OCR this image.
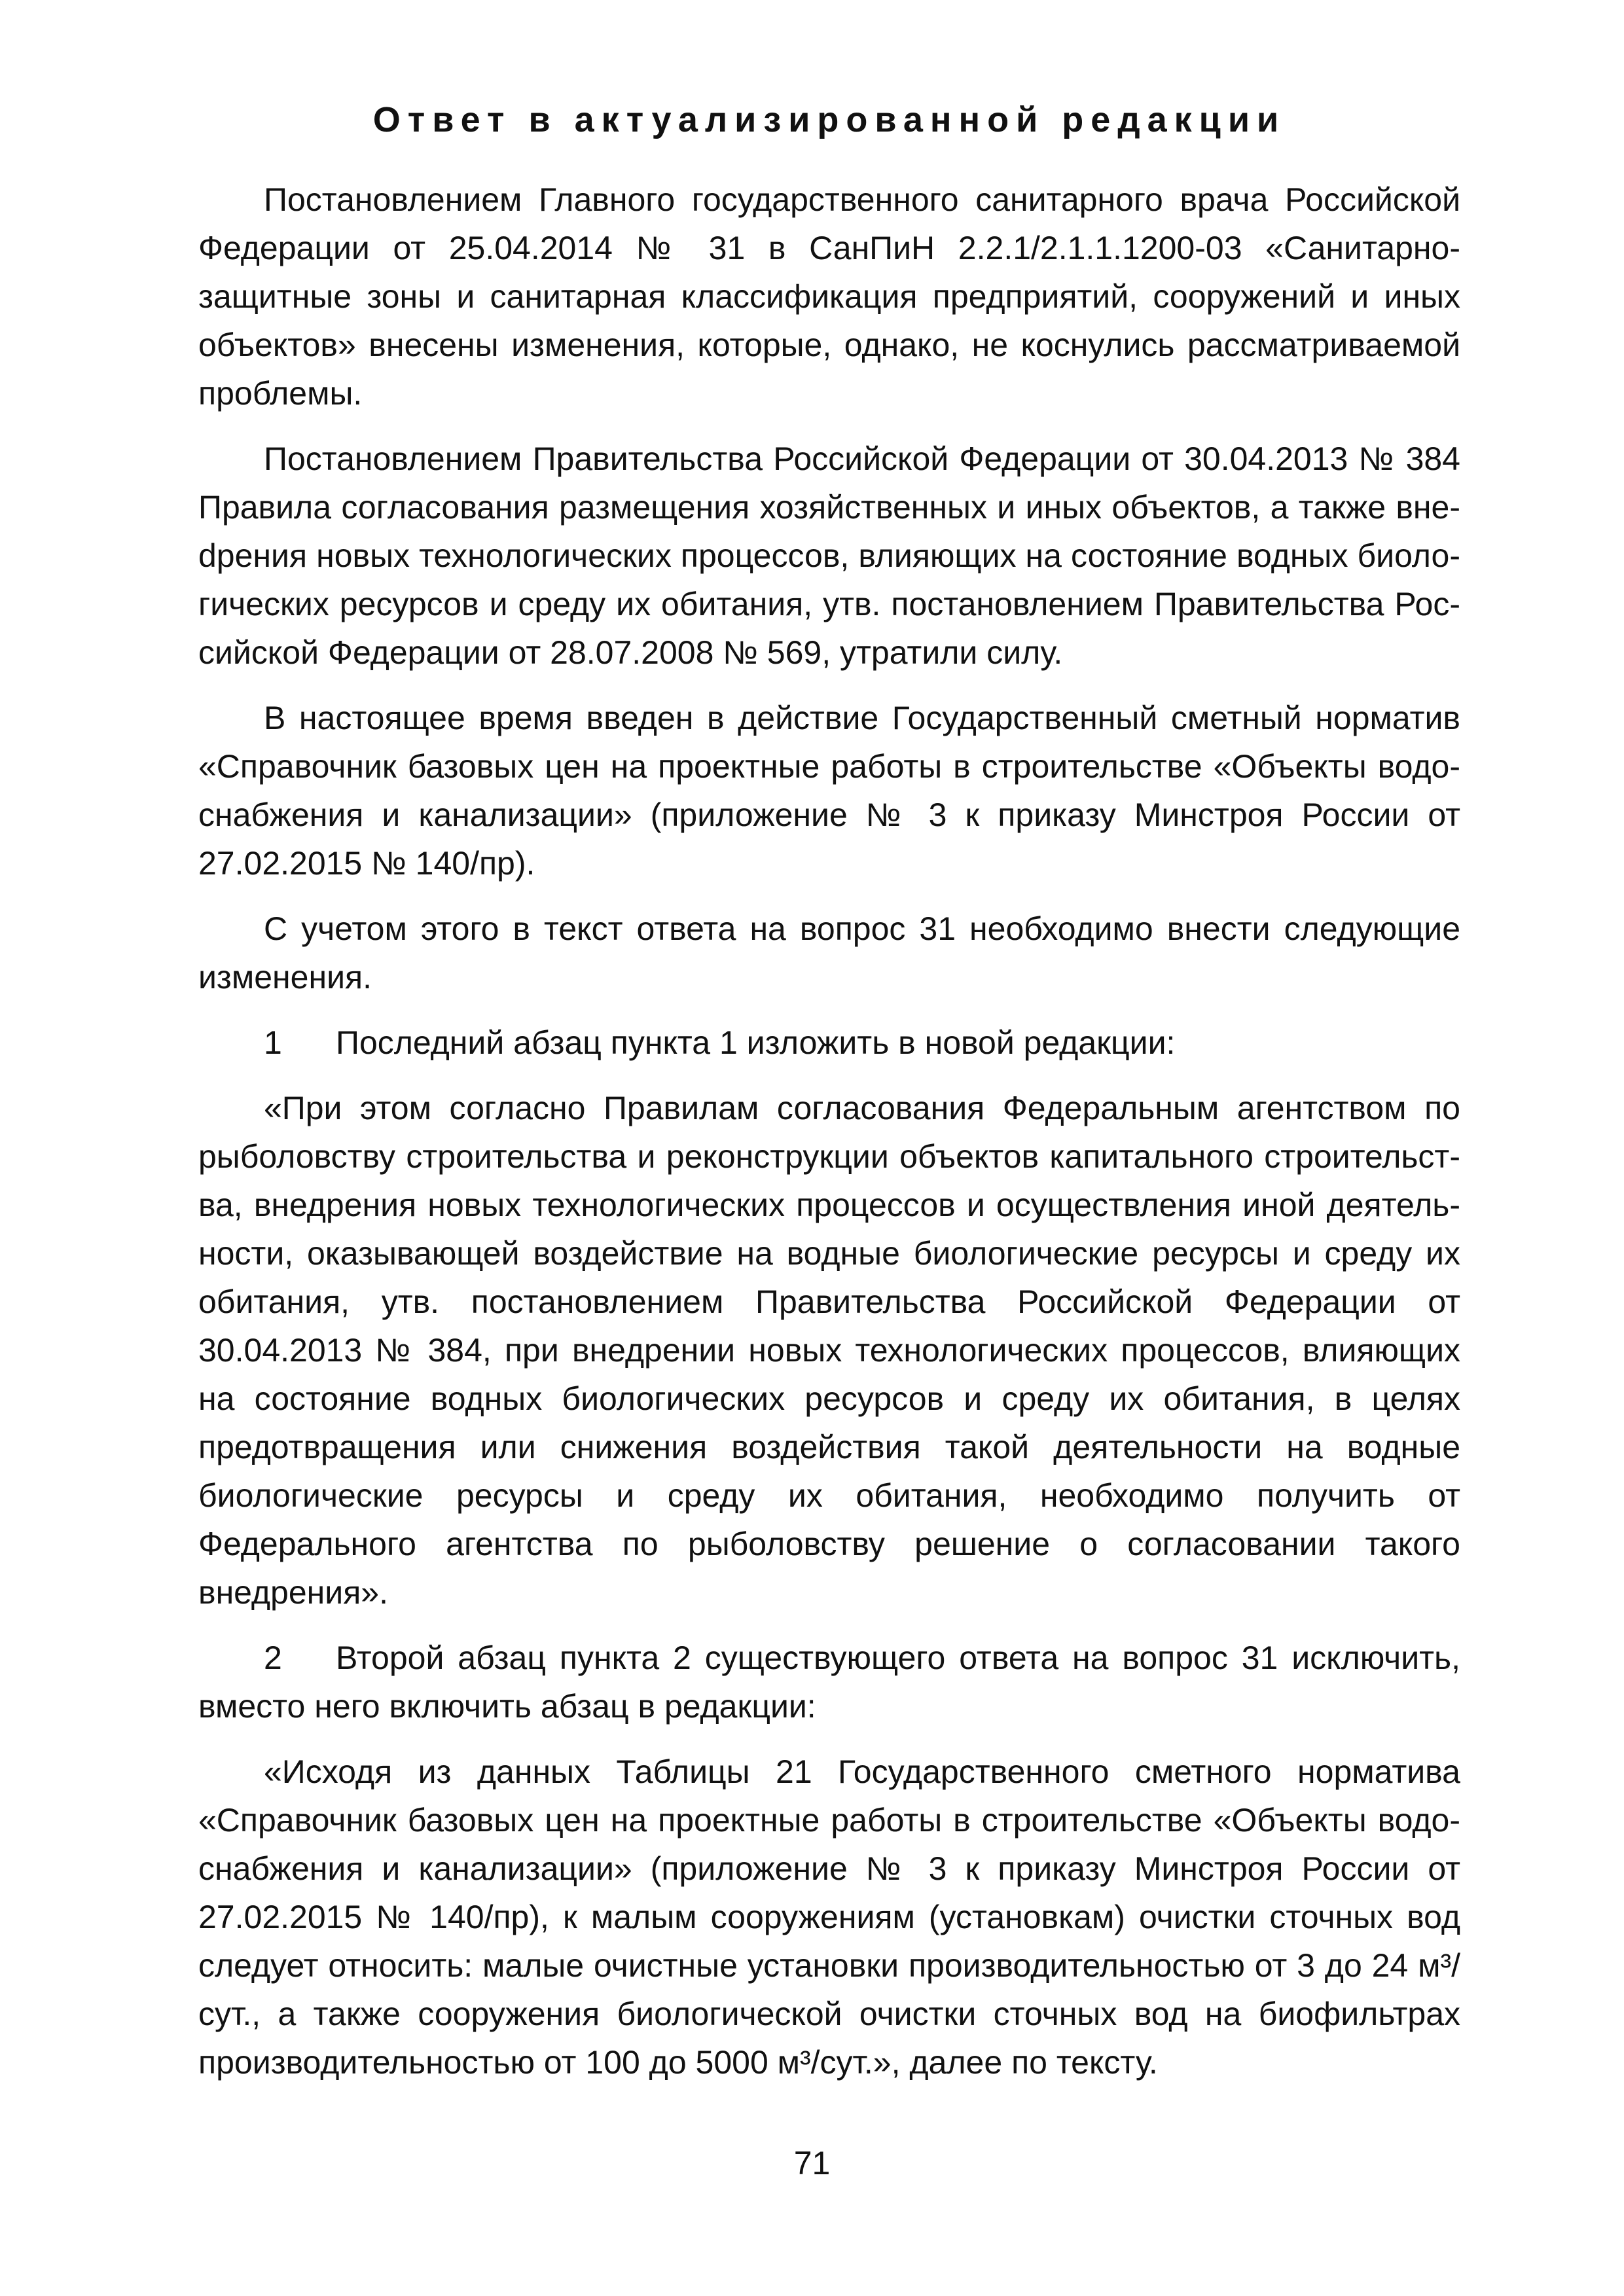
Ответ в актуализированной редакции

Постановлением Главного государственного санитарного врача Российской Федерации от 25.04.2014 № 31 в СанПиН 2.2.1/2.1.1.1200-03 «Санитарно-защитные зоны и санитарная классификация предприятий, сооружений и иных объектов» внесены изменения, которые, однако, не коснулись рассматриваемой проблемы.

Постановлением Правительства Российской Федерации от 30.04.2013 № 384 Правила согласования размещения хозяйственных и иных объектов, а также внеdрения новых технологических процессов, влияющих на состояние водных биологических ресурсов и среду их обитания, утв. постановлением Правительства Российской Федерации от 28.07.2008 № 569, утратили силу.

В настоящее время введен в действие Государственный сметный норматив «Справочник базовых цен на проектные работы в строительстве «Объекты водоснабжения и канализации» (приложение № 3 к приказу Минстроя России от 27.02.2015 № 140/пр).

С учетом этого в текст ответа на вопрос 31 необходимо внести следующие изменения.

1 Последний абзац пункта 1 изложить в новой редакции:

«При этом согласно Правилам согласования Федеральным агентством по рыболовству строительства и реконструкции объектов капитального строительства, внедрения новых технологических процессов и осуществления иной деятельности, оказывающей воздействие на водные биологические ресурсы и среду их обитания, утв. постановлением Правительства Российской Федерации от 30.04.2013 № 384, при внедрении новых технологических процессов, влияющих на состояние водных биологических ресурсов и среду их обитания, в целях предотвращения или снижения воздействия такой деятельности на водные биологические ресурсы и среду их обитания, необходимо получить от Федерального агентства по рыболовству решение о согласовании такого внедрения».

2 Второй абзац пункта 2 существующего ответа на вопрос 31 исключить, вместо него включить абзац в редакции:

«Исходя из данных Таблицы 21 Государственного сметного норматива «Справочник базовых цен на проектные работы в строительстве «Объекты водоснабжения и канализации» (приложение № 3 к приказу Минстроя России от 27.02.2015 № 140/пр), к малым сооружениям (установкам) очистки сточных вод следует относить: малые очистные установки производительностью от 3 до 24 м³/сут., а также сооружения биологической очистки сточных вод на биофильтрах производительностью от 100 до 5000 м³/сут.», далее по тексту.

71
